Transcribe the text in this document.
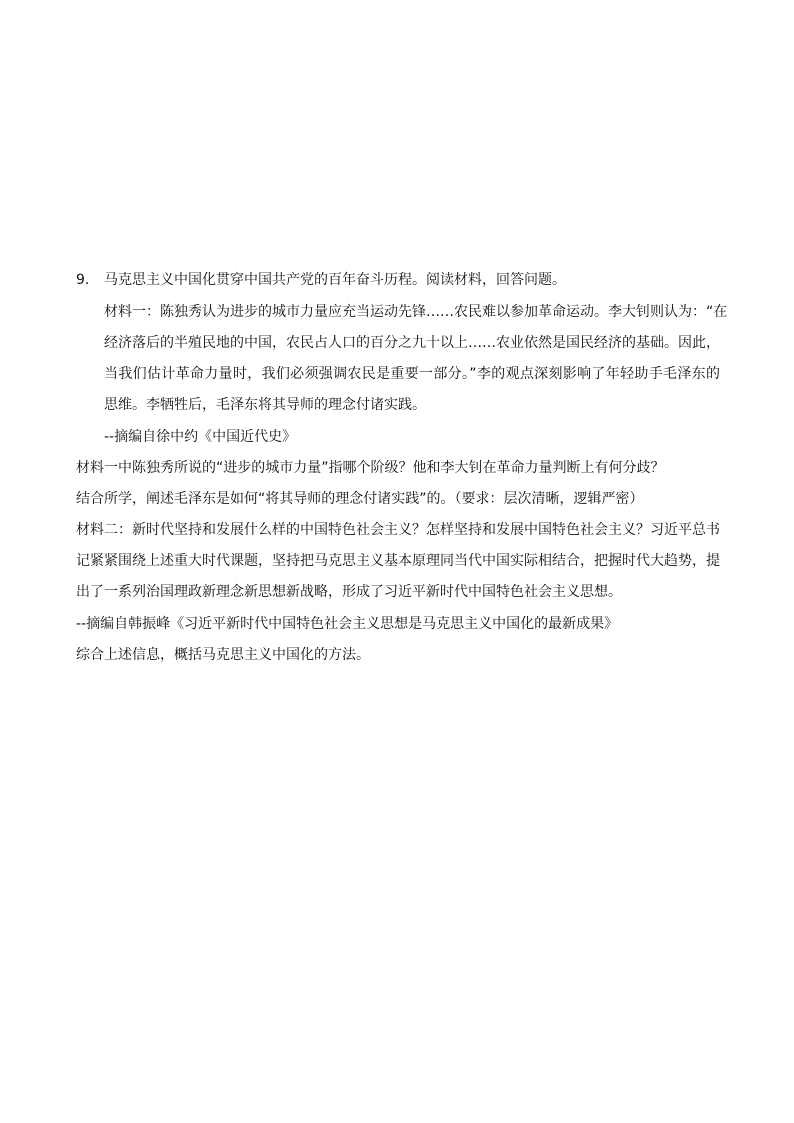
9. 马克思主义中国化贯穿中国共产党的百年奋斗历程。阅读材料，回答问题。
材料一：陈独秀认为进步的城市力量应充当运动先锋……农民难以参加革命运动。李大钊则认为：“在
经济落后的半殖民地的中国，农民占人口的百分之九十以上……农业依然是国民经济的基础。因此，
当我们估计革命力量时，我们必须强调农民是重要一部分。”李的观点深刻影响了年轻助手毛泽东的
思维。李牺牲后，毛泽东将其导师的理念付诸实践。
--摘编自徐中约《中国近代史》
材料一中陈独秀所说的“进步的城市力量”指哪个阶级？他和李大钊在革命力量判断上有何分歧？
结合所学，阐述毛泽东是如何“将其导师的理念付诸实践”的。（要求：层次清晰，逻辑严密）
材料二：新时代坚持和发展什么样的中国特色社会主义？怎样坚持和发展中国特色社会主义？习近平总书
记紧紧围绕上述重大时代课题，坚持把马克思主义基本原理同当代中国实际相结合，把握时代大趋势，提
出了一系列治国理政新理念新思想新战略，形成了习近平新时代中国特色社会主义思想。
--摘编自韩振峰《习近平新时代中国特色社会主义思想是马克思主义中国化的最新成果》
综合上述信息，概括马克思主义中国化的方法。
